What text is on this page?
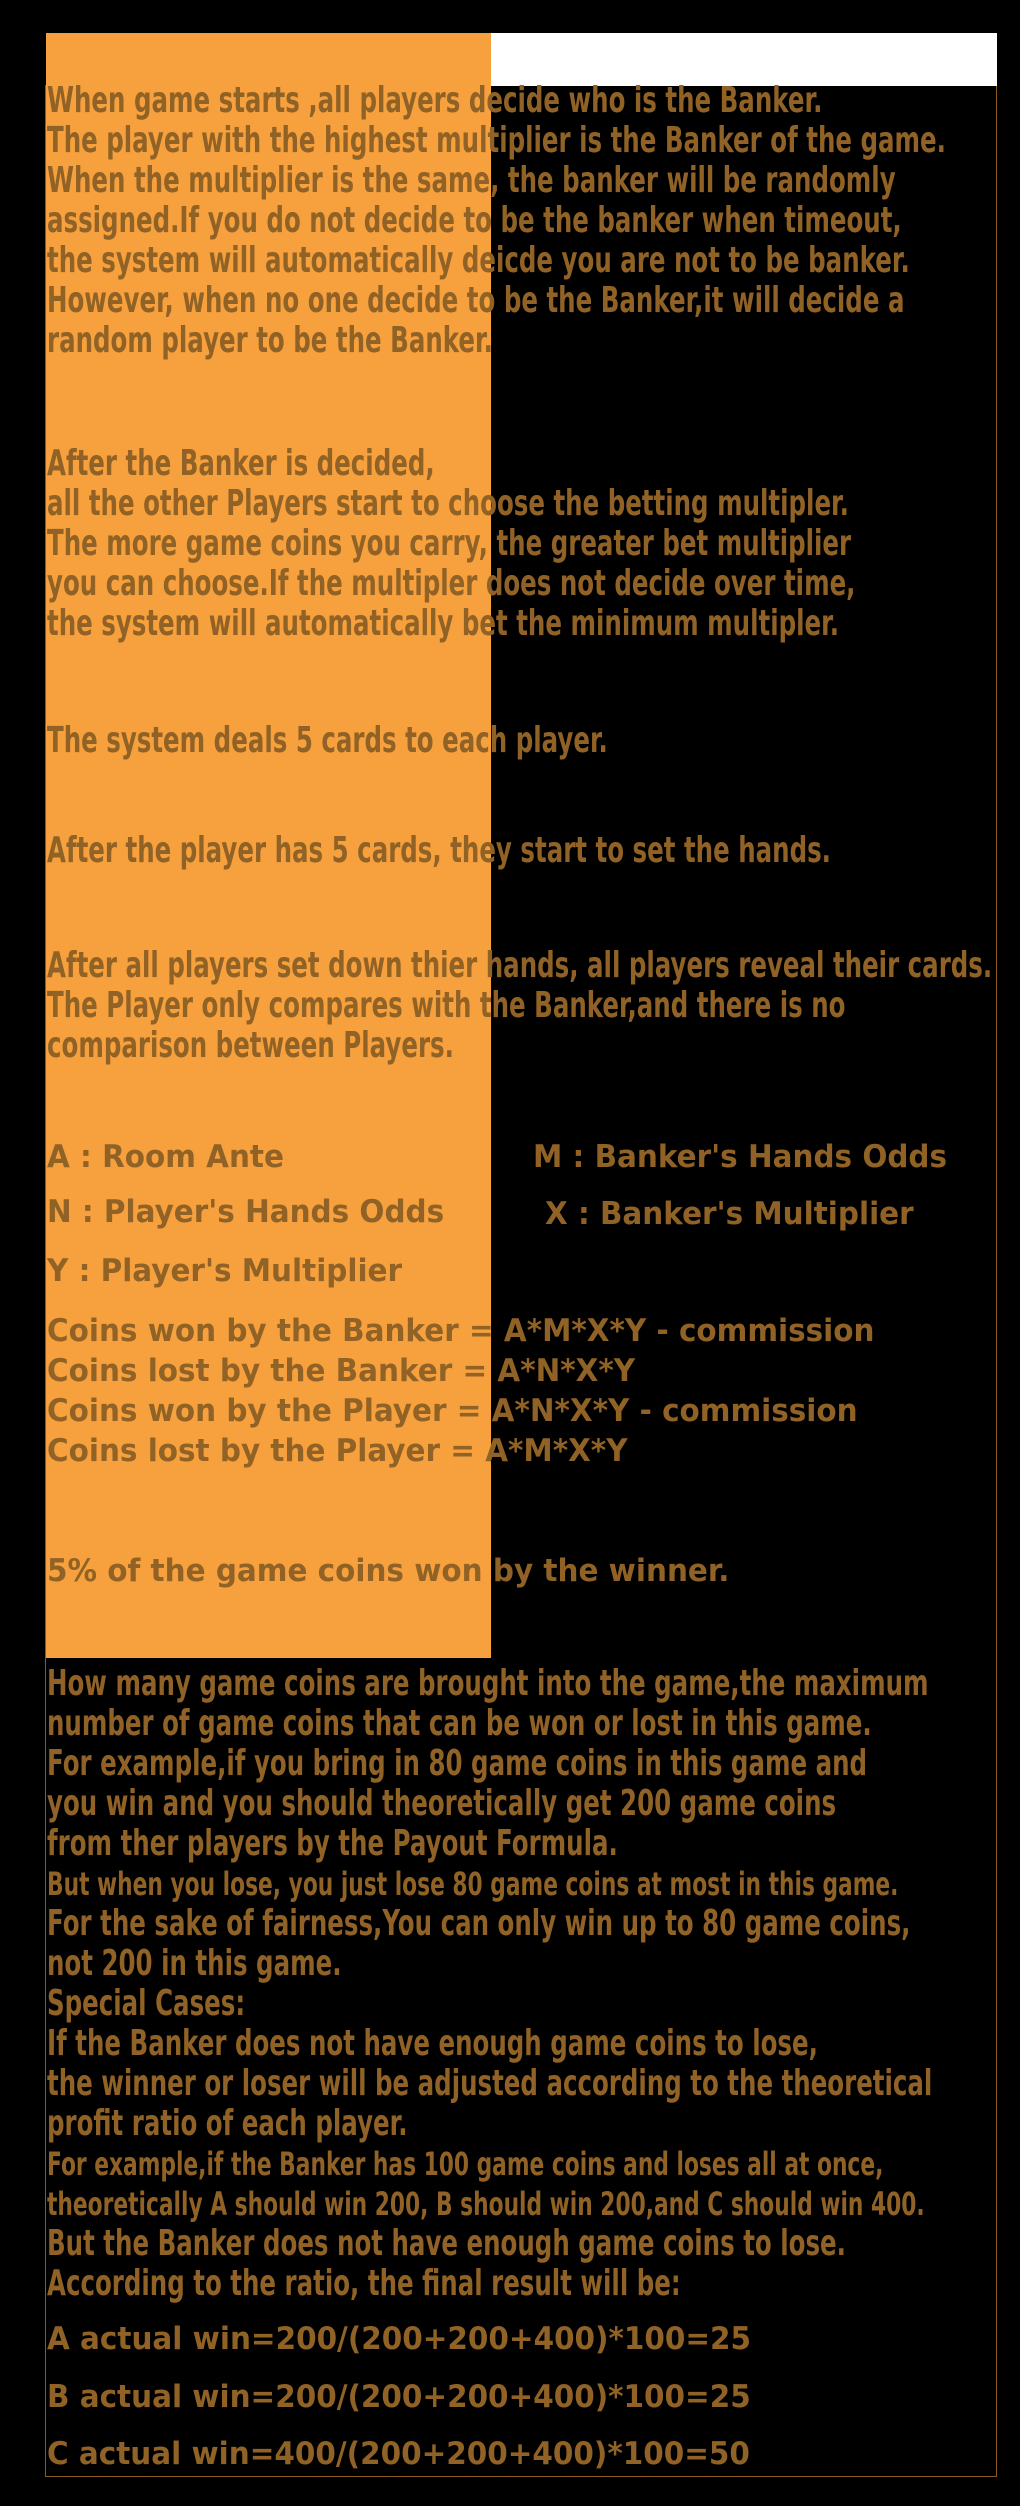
When game starts ,all players decide who is the Banker.
The player with the highest multiplier is the Banker of the game.
When the multiplier is the same, the banker will be randomly
assigned.If you do not decide to be the banker when timeout,
the system will automatically deicde you are not to be banker.
However, when no one decide to be the Banker,it will decide a
random player to be the Banker.
After the Banker is decided,
all the other Players start to choose the betting multipler.
The more game coins you carry, the greater bet multiplier
you can choose.If the multipler does not decide over time,
the system will automatically bet the minimum multipler.
The system deals 5 cards to each player.
After the player has 5 cards, they start to set the hands.
After all players set down thier hands, all players reveal their cards.
The Player only compares with the Banker,and there is no
comparison between Players.
A : Room Ante
N : Player's Hands Odds
Y : Player's Multiplier
M : Banker's Hands Odds
X : Banker's Multiplier
Coins won by the Banker = A*M*X*Y - commission
Coins lost by the Banker = A*N*X*Y
Coins won by the Player = A*N*X*Y - commission
Coins lost by the Player = A*M*X*Y
5% of the game coins won by the winner.
How many game coins are brought into the game,the maximum
number of game coins that can be won or lost in this game.
For example,if you bring in 80 game coins in this game and
you win and you should theoretically get 200 game coins
from ther players by the Payout Formula.
But when you lose, you just lose 80 game coins at most in this game.
For the sake of fairness,You can only win up to 80 game coins,
not 200 in this game.
Special Cases:
If the Banker does not have enough game coins to lose,
the winner or loser will be adjusted according to the theoretical
profit ratio of each player.
For example,if the Banker has 100 game coins and loses all at once,
theoretically A should win 200, B should win 200,and C should win 400.
But the Banker does not have enough game coins to lose.
According to the ratio, the final result will be:
A actual win=200/(200+200+400)*100=25
B actual win=200/(200+200+400)*100=25
C actual win=400/(200+200+400)*100=50
